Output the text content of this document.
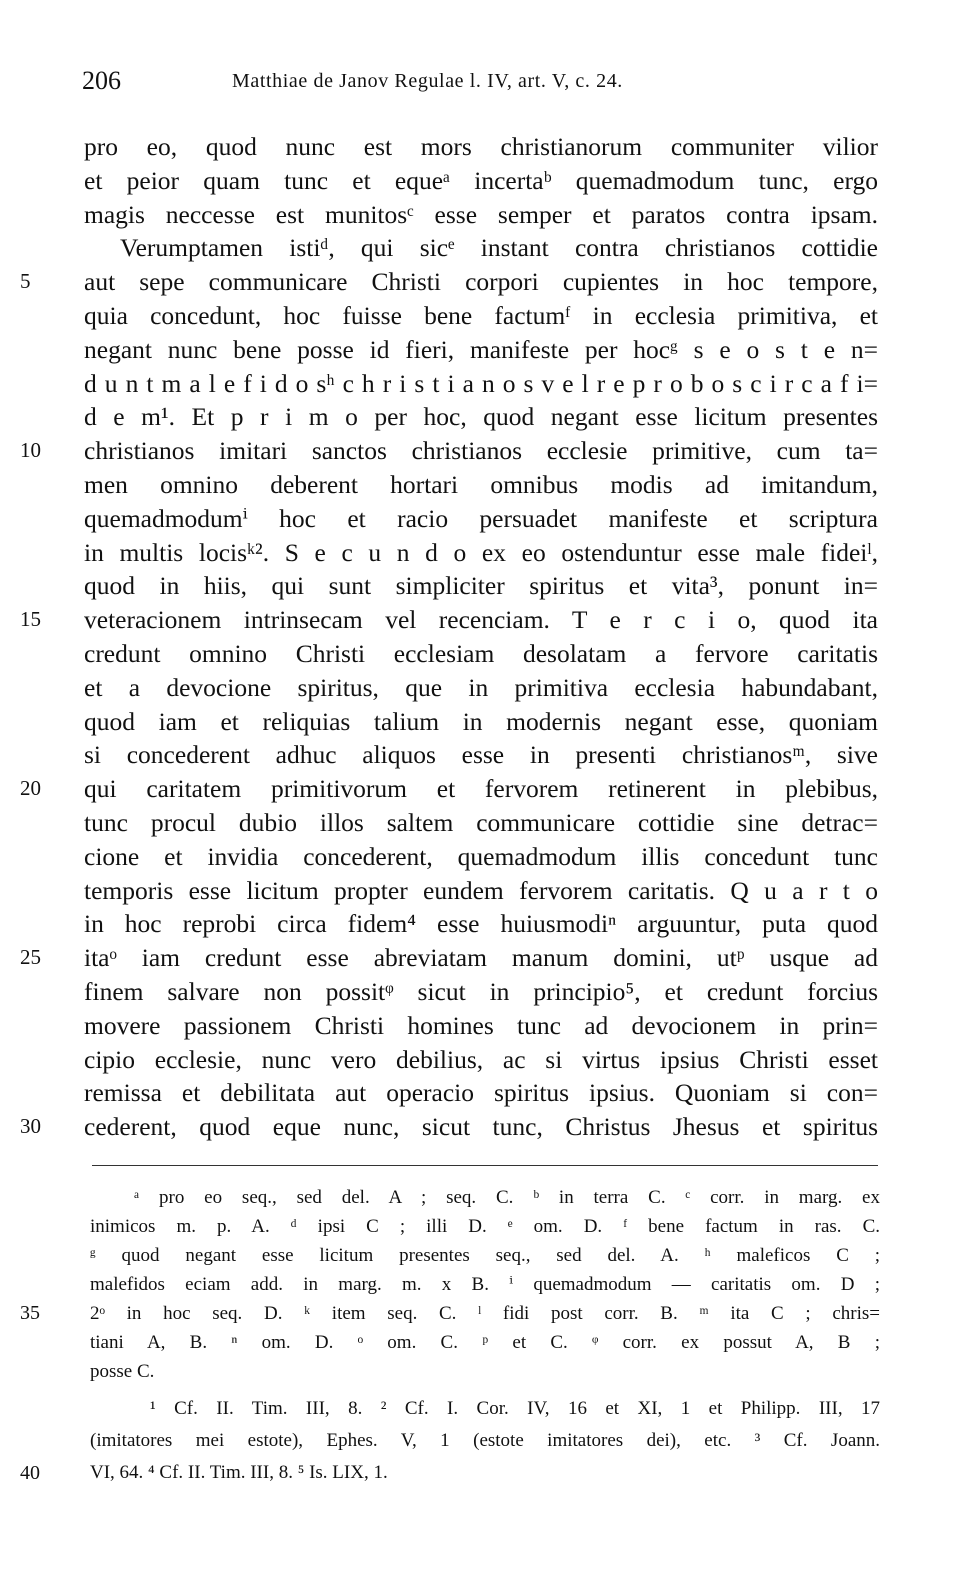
206	Matthiae de Janov Regulae l. IV, art. V, c. 24.
pro eo, quod nunc est mors christianorum communiter vilior
et peior quam tunc et equeᵃ incertaᵇ quemadmodum tunc, ergo
magis neccesse est munitosᶜ esse semper et paratos contra ipsam.
Verumptamen istiᵈ, qui sicᵉ instant contra christianos cottidie
5	aut sepe communicare Christi corpori cupientes in hoc tempore,
quia concedunt, hoc fuisse bene factumᶠ in ecclesia primitiva, et
negant nunc bene posse id fieri, manifeste per hocᵍ s e o s t e n=
d u n t m a l e f i d o sʰ c h r i s t i a n o s v e l r e p r o b o s c i r c a f i=
d e m¹. Et p r i m o per hoc, quod negant esse licitum presentes
10	christianos imitari sanctos christianos ecclesie primitive, cum ta=
men omnino deberent hortari omnibus modis ad imitandum,
quemadmodumⁱ hoc et racio persuadet manifeste et scriptura
in multis locisᵏ². S e c u n d o ex eo ostenduntur esse male fideiˡ,
quod in hiis, qui sunt simpliciter spiritus et vita³, ponunt in=
15	veteracionem intrinsecam vel recenciam. T e r c i o, quod ita
credunt omnino Christi ecclesiam desolatam a fervore caritatis
et a devocione spiritus, que in primitiva ecclesia habundabant,
quod iam et reliquias talium in modernis negant esse, quoniam
si concederent adhuc aliquos esse in presenti christianosᵐ, sive
20	qui caritatem primitivorum et fervorem retinerent in plebibus,
tunc procul dubio illos saltem communicare cottidie sine detrac=
cione et invidia concederent, quemadmodum illis concedunt tunc
temporis esse licitum propter eundem fervorem caritatis. Q u a r t o
in hoc reprobi circa fidem⁴ esse huiusmodiⁿ arguuntur, puta quod
25	itaᵒ iam credunt esse abreviatam manum domini, utᵖ usque ad
finem salvare non possitᵠ sicut in principio⁵, et credunt forcius
movere passionem Christi homines tunc ad devocionem in prin=
cipio ecclesie, nunc vero debilius, ac si virtus ipsius Christi esset
remissa et debilitata aut operacio spiritus ipsius. Quoniam si con=
30	cederent, quod eque nunc, sicut tunc, Christus Jhesus et spiritus
ᵃ pro eo seq., sed del. A ; seq. C. ᵇ in terra C. ᶜ corr. in marg. ex
inimicos m. p. A. ᵈ ipsi C ; illi D. ᵉ om. D. ᶠ bene factum in ras. C.
ᵍ quod negant esse licitum presentes seq., sed del. A. ʰ maleficos C ;
malefidos eciam add. in marg. m. x B. ⁱ quemadmodum — caritatis om. D ;
35	2ᵒ in hoc seq. D. ᵏ item seq. C. ˡ fidi post corr. B. ᵐ ita C ; chris=
tiani A, B. ⁿ om. D. ᵒ om. C. ᵖ et C. ᵠ corr. ex possut A, B ;
posse C.
¹ Cf. II. Tim. III, 8. ² Cf. I. Cor. IV, 16 et XI, 1 et Philipp. III, 17
(imitatores mei estote), Ephes. V, 1 (estote imitatores dei), etc. ³ Cf. Joann.
40	VI, 64. ⁴ Cf. II. Tim. III, 8. ⁵ Is. LIX, 1.
